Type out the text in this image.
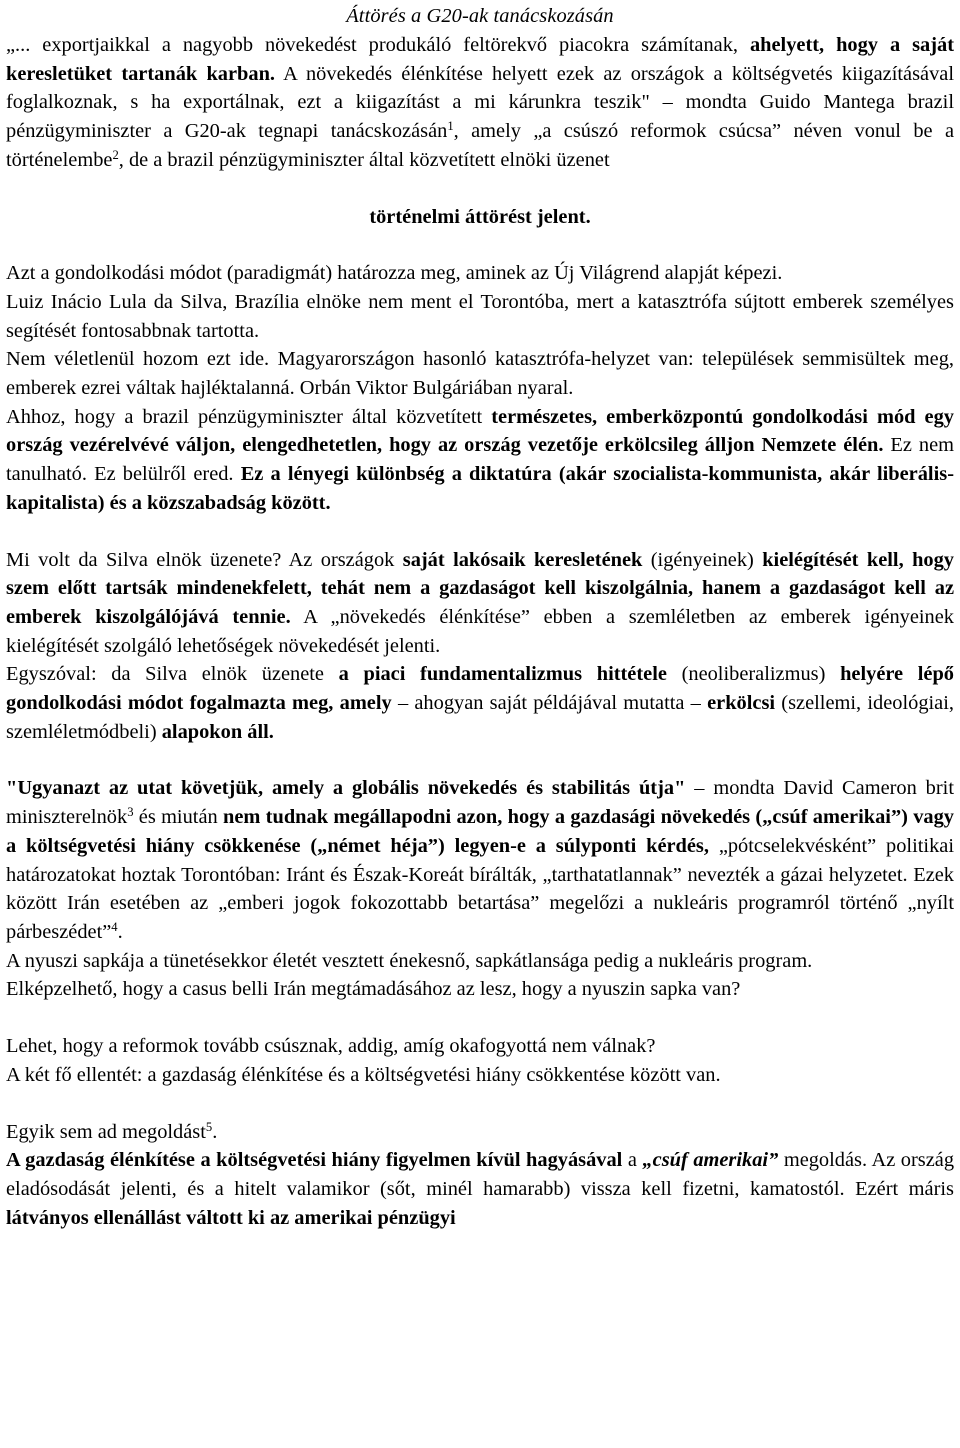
Áttörés a G20-ak tanácskozásán

„... exportjaikkal a nagyobb növekedést produkáló feltörekvő piacokra számítanak, ahelyett, hogy a saját keresletüket tartanák karban. A növekedés élénkítése helyett ezek az országok a költségvetés kiigazításával foglalkoznak, s ha exportálnak, ezt a kiigazítást a mi kárunkra teszik" – mondta Guido Mantega brazil pénzügyminiszter a G20-ak tegnapi tanácskozásán$^1$, amely „a csúszó reformok csúcsa” néven vonul be a történelembe$^2$, de a brazil pénzügyminiszter által közvetített elnöki üzenet

történelmi áttörést jelent.

Azt a gondolkodási módot (paradigmát) határozza meg, aminek az Új Világrend alapját képezi.

Luiz Inácio Lula da Silva, Brazília elnöke nem ment el Torontóba, mert a katasztrófa sújtott emberek személyes segítését fontosabbnak tartotta.

Nem véletlenül hozom ezt ide. Magyarországon hasonló katasztrófa-helyzet van: települések semmisültek meg, emberek ezrei váltak hajléktalanná. Orbán Viktor Bulgáriában nyaral.

Ahhoz, hogy a brazil pénzügyminiszter által közvetített természetes, emberközpontú gondolkodási mód egy ország vezérelvévé váljon, elengedhetetlen, hogy az ország vezetője erkölcsileg álljon Nemzete élén. Ez nem tanulható. Ez belülről ered. Ez a lényegi különbség a diktatúra (akár szocialista-kommunista, akár liberális-kapitalista) és a közszabadság között.

Mi volt da Silva elnök üzenete? Az országok saját lakósaik keresletének (igényeinek) kielégítését kell, hogy szem előtt tartsák mindenekfelett, tehát nem a gazdaságot kell kiszolgálnia, hanem a gazdaságot kell az emberek kiszolgálójává tennie. A „növekedés élénkítése” ebben a szemléletben az emberek igényeinek kielégítését szolgáló lehetőségek növekedését jelenti.

Egyszóval: da Silva elnök üzenete a piaci fundamentalizmus hittétele (neoliberalizmus) helyére lépő gondolkodási módot fogalmazta meg, amely – ahogyan saját példájával mutatta – erkölcsi (szellemi, ideológiai, szemléletmódbeli) alapokon áll.

"Ugyanazt az utat követjük, amely a globális növekedés és stabilitás útja" – mondta David Cameron brit miniszterelnök$^3$ és miután nem tudnak megállapodni azon, hogy a gazdasági növekedés („csúf amerikai”) vagy a költségvetési hiány csökkenése („német héja”) legyen-e a súlyponti kérdés, „pótcselekvésként” politikai határozatokat hoztak Torontóban: Iránt és Észak-Koreát bírálták, „tarthatatlannak” nevezték a gázai helyzetet. Ezek között Irán esetében az „emberi jogok fokozottabb betartása” megelőzi a nukleáris programról történő „nyílt párbeszédet”$^4$.

A nyuszi sapkája a tünetésekkor életét vesztett énekesnő, sapkátlansága pedig a nukleáris program.

Elképzelhető, hogy a casus belli Irán megtámadásához az lesz, hogy a nyuszin sapka van?

Lehet, hogy a reformok tovább csúsznak, addig, amíg okafogyottá nem válnak?

A két fő ellentét: a gazdaság élénkítése és a költségvetési hiány csökkentése között van.

Egyik sem ad megoldást$^5$.

A gazdaság élénkítése a költségvetési hiány figyelmen kívül hagyásával a „csúf amerikai” megoldás. Az ország eladósodását jelenti, és a hitelt valamikor (sőt, minél hamarabb) vissza kell fizetni, kamatostól. Ezért máris látványos ellenállást váltott ki az amerikai pénzügyi
